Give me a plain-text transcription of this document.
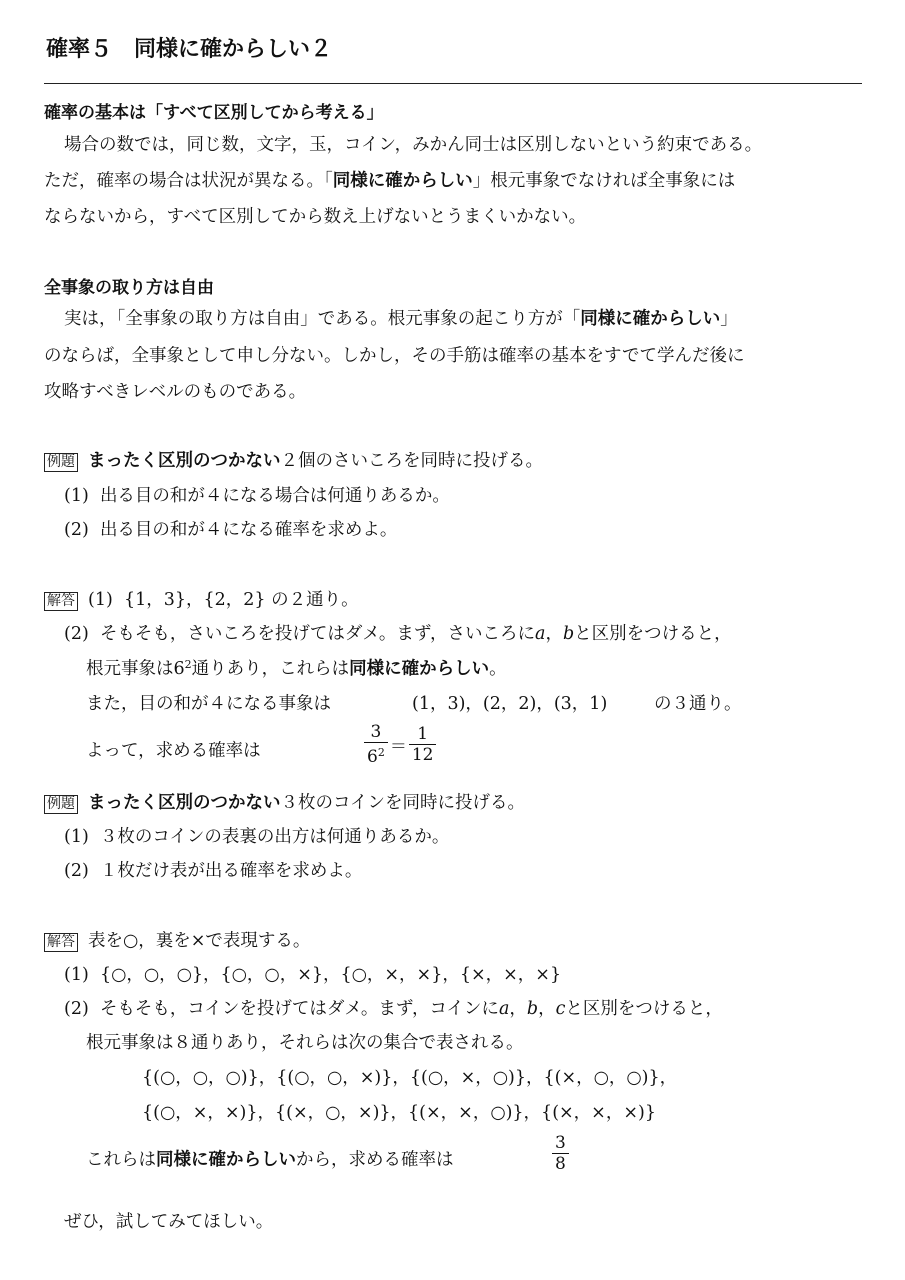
確率５　同様に確からしい２
確率の基本は「すべて区別してから考える」
場合の数では，同じ数，文字，玉，コイン，みかん同士は区別しないという約束である。
ただ，確率の場合は状況が異なる。「同様に確からしい」根元事象でなければ全事象には
ならないから，すべて区別してから数え上げないとうまくいかない。
全事象の取り方は自由
実は，「全事象の取り方は自由」である。根元事象の起こり方が「同様に確からしい」
のならば，全事象として申し分ない。しかし，その手筋は確率の基本をすでて学んだ後に
攻略すべきレベルのものである。
例題 まったく区別のつかない２個のさいころを同時に投げる。
(1) 出る目の和が４になる場合は何通りあるか。
(2) 出る目の和が４になる確率を求めよ。
解答 (1) {1，3}，{2，2} の２通り。
(2) そもそも，さいころを投げてはダメ。まず，さいころにa，bと区別をつけると，
根元事象は$6^2$通りあり，これらは同様に確からしい。
また，目の和が４になる事象は	(1，3)，(2，2)，(3，1)	の３通り。
よって，求める確率は	$\frac{3}{6^2} = \frac{1}{12}$
例題 まったく区別のつかない３枚のコインを同時に投げる。
(1) ３枚のコインの表裏の出方は何通りあるか。
(2) １枚だけ表が出る確率を求めよ。
解答 表を○，裏を×で表現する。
(1) {○，○，○}，{○，○，×}，{○，×，×}，{×，×，×}
(2) そもそも，コインを投げてはダメ。まず，コインにa，b，cと区別をつけると，
根元事象は８通りあり，それらは次の集合で表される。
{(○，○，○)}，{(○，○，×)}，{(○，×，○)}，{(×，○，○)}，
{(○，×，×)}，{(×，○，×)}，{(×，×，○)}，{(×，×，×)}
これらは同様に確からしいから，求める確率は	$\frac{3}{8}$
ぜひ，試してみてほしい。
